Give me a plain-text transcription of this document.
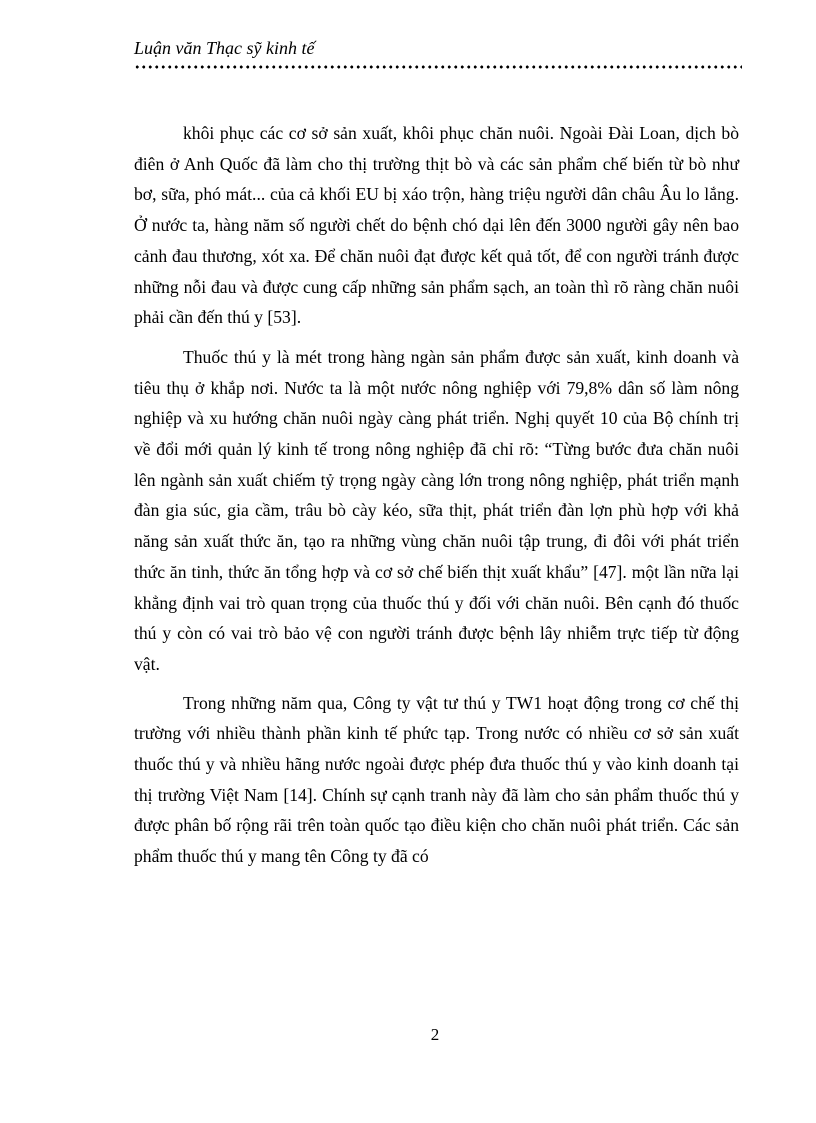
Luận văn Thạc sỹ kinh tế

khôi phục các cơ sở sản xuất, khôi phục chăn nuôi. Ngoài Đài Loan, dịch bò điên ở Anh Quốc đã làm cho thị trường thịt bò và các sản phẩm chế biến từ bò như bơ, sữa, phó mát... của cả khối EU bị xáo trộn, hàng triệu người dân châu Âu lo lắng. Ở nước ta, hàng năm số người chết do bệnh chó dại lên đến 3000 người gây nên bao cảnh đau thương, xót xa. Để chăn nuôi đạt được kết quả tốt, để con người tránh được những nỗi đau và được cung cấp những sản phẩm sạch, an toàn thì rõ ràng chăn nuôi phải cần đến thú y [53].

Thuốc thú y là mét trong hàng ngàn sản phẩm được sản xuất, kinh doanh và tiêu thụ ở khắp nơi. Nước ta là một nước nông nghiệp với 79,8% dân số làm nông nghiệp và xu hướng chăn nuôi ngày càng phát triển. Nghị quyết 10 của Bộ chính trị về đổi mới quản lý kinh tế trong nông nghiệp đã chỉ rõ: “Từng bước đưa chăn nuôi lên ngành sản xuất chiếm tỷ trọng ngày càng lớn trong nông nghiệp, phát triển mạnh đàn gia súc, gia cầm, trâu bò cày kéo, sữa thịt, phát triển đàn lợn phù hợp với khả năng sản xuất thức ăn, tạo ra những vùng chăn nuôi tập trung, đi đôi với phát triển thức ăn tinh, thức ăn tổng hợp và cơ sở chế biến thịt xuất khẩu” [47]. một lần nữa lại khẳng định vai trò quan trọng của thuốc thú y đối với chăn nuôi. Bên cạnh đó thuốc thú y còn có vai trò bảo vệ con người tránh được bệnh lây nhiễm trực tiếp từ động vật.

Trong những năm qua, Công ty vật tư thú y TW1 hoạt động trong cơ chế thị trường với nhiều thành phần kinh tế phức tạp. Trong nước có nhiều cơ sở sản xuất thuốc thú y và nhiều hãng nước ngoài được phép đưa thuốc thú y vào kinh doanh tại thị trường Việt Nam [14]. Chính sự cạnh tranh này đã làm cho sản phẩm thuốc thú y được phân bố rộng rãi trên toàn quốc tạo điều kiện cho chăn nuôi phát triển. Các sản phẩm thuốc thú y mang tên Công ty đã có

2
